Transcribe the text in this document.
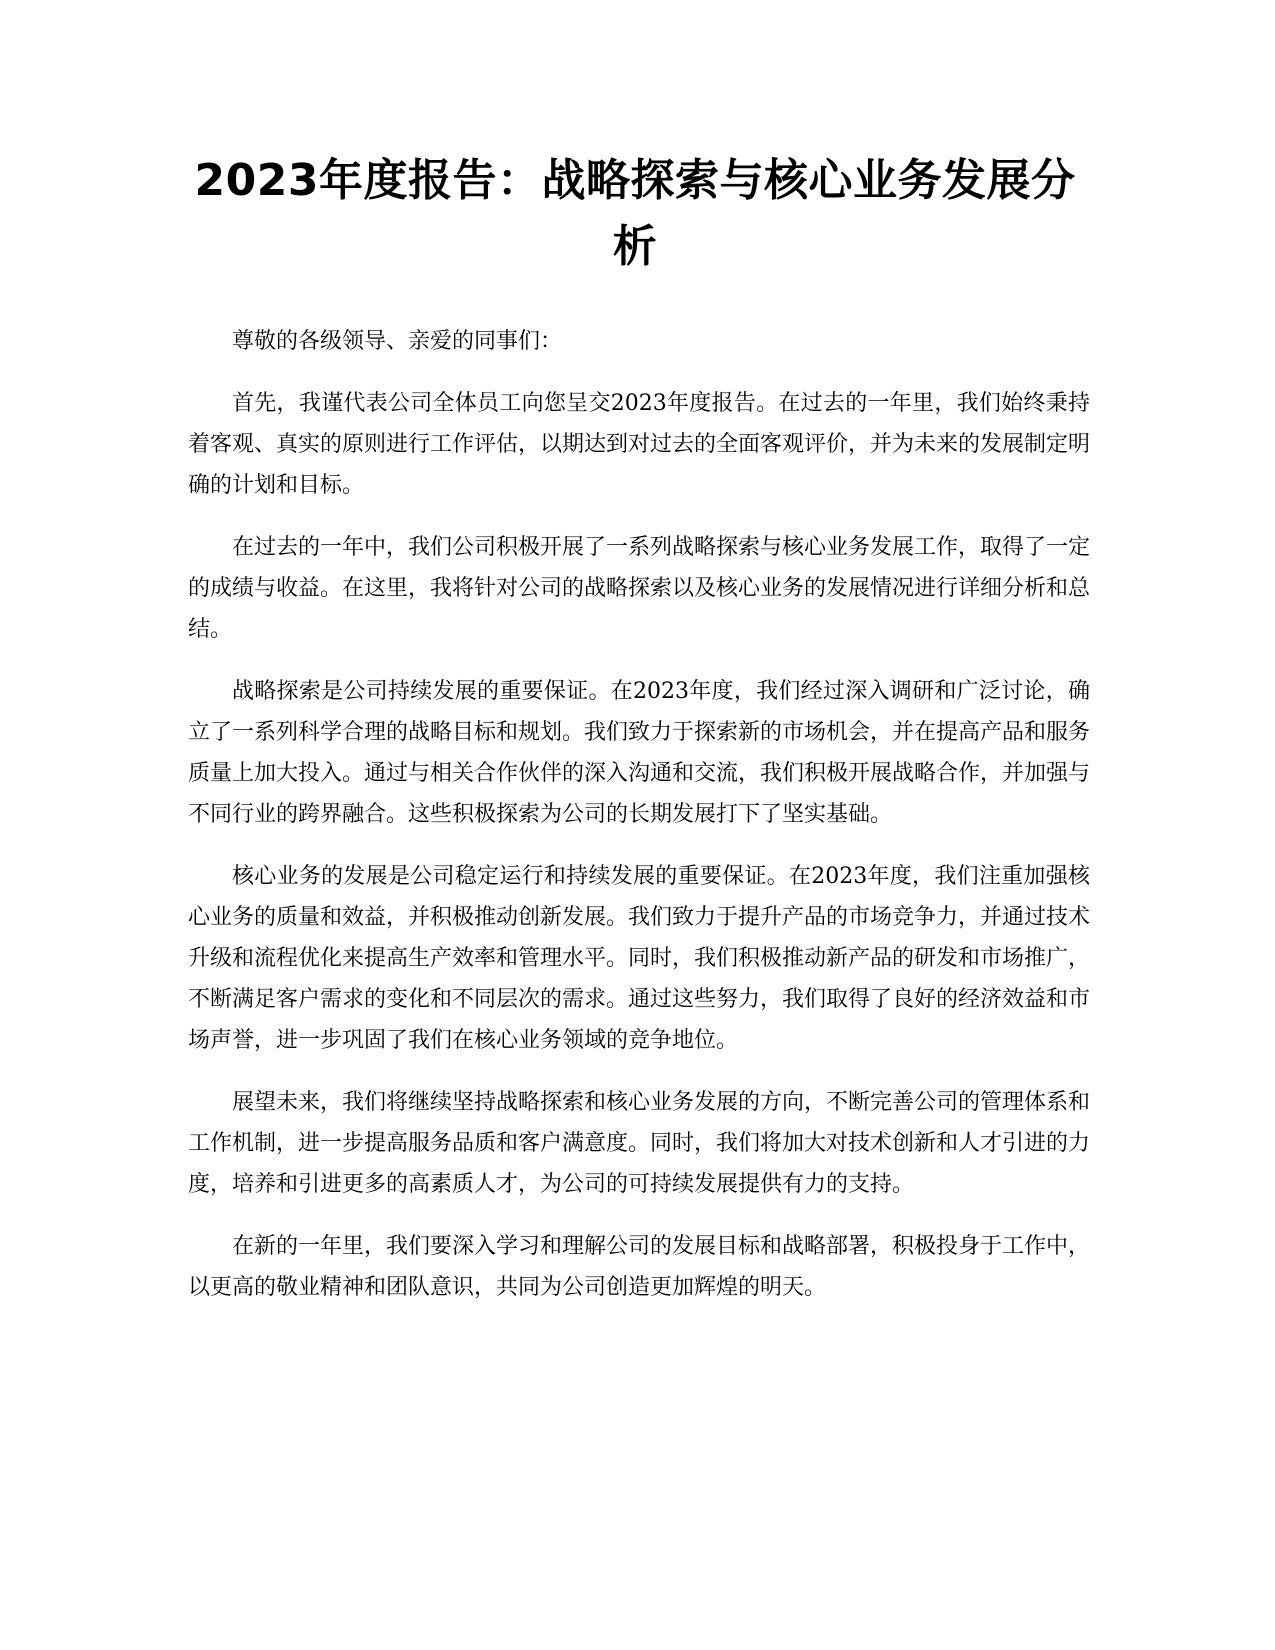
2023年度报告：战略探索与核心业务发展分析

尊敬的各级领导、亲爱的同事们：

首先，我谨代表公司全体员工向您呈交2023年度报告。在过去的一年里，我们始终秉持着客观、真实的原则进行工作评估，以期达到对过去的全面客观评价，并为未来的发展制定明确的计划和目标。

在过去的一年中，我们公司积极开展了一系列战略探索与核心业务发展工作，取得了一定的成绩与收益。在这里，我将针对公司的战略探索以及核心业务的发展情况进行详细分析和总结。

战略探索是公司持续发展的重要保证。在2023年度，我们经过深入调研和广泛讨论，确立了一系列科学合理的战略目标和规划。我们致力于探索新的市场机会，并在提高产品和服务质量上加大投入。通过与相关合作伙伴的深入沟通和交流，我们积极开展战略合作，并加强与不同行业的跨界融合。这些积极探索为公司的长期发展打下了坚实基础。

核心业务的发展是公司稳定运行和持续发展的重要保证。在2023年度，我们注重加强核心业务的质量和效益，并积极推动创新发展。我们致力于提升产品的市场竞争力，并通过技术升级和流程优化来提高生产效率和管理水平。同时，我们积极推动新产品的研发和市场推广，不断满足客户需求的变化和不同层次的需求。通过这些努力，我们取得了良好的经济效益和市场声誉，进一步巩固了我们在核心业务领域的竞争地位。

展望未来，我们将继续坚持战略探索和核心业务发展的方向，不断完善公司的管理体系和工作机制，进一步提高服务品质和客户满意度。同时，我们将加大对技术创新和人才引进的力度，培养和引进更多的高素质人才，为公司的可持续发展提供有力的支持。

在新的一年里，我们要深入学习和理解公司的发展目标和战略部署，积极投身于工作中，以更高的敬业精神和团队意识，共同为公司创造更加辉煌的明天。
